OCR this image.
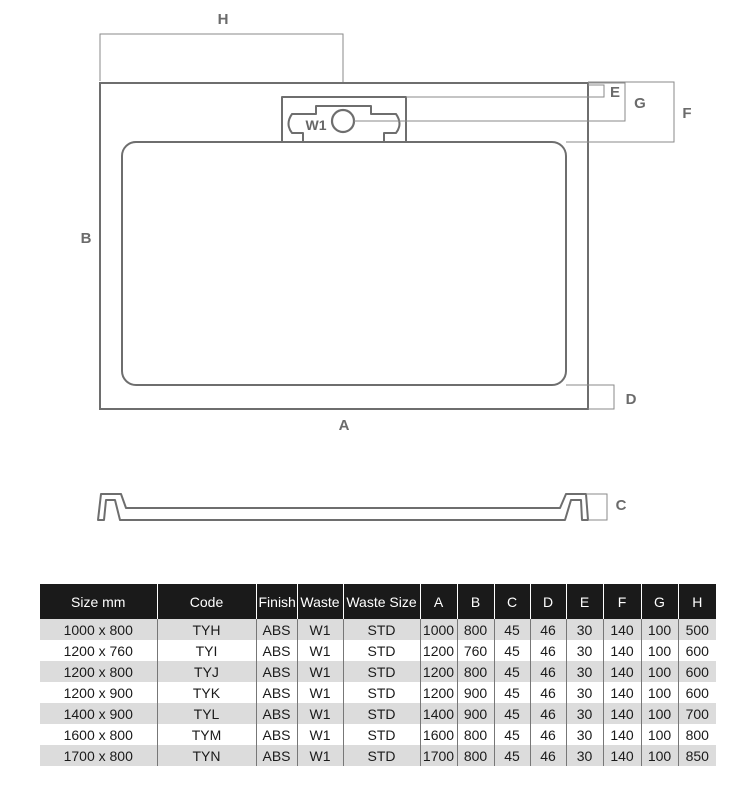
H
W1
E
G
F
B
D
A
C
Size mm	Code	Finish	Waste	Waste Size	A	B	C	D	E	F	G	H
1000 x 800	TYH	ABS	W1	STD	1000	800	45	46	30	140	100	500
1200 x 760	TYI	ABS	W1	STD	1200	760	45	46	30	140	100	600
1200 x 800	TYJ	ABS	W1	STD	1200	800	45	46	30	140	100	600
1200 x 900	TYK	ABS	W1	STD	1200	900	45	46	30	140	100	600
1400 x 900	TYL	ABS	W1	STD	1400	900	45	46	30	140	100	700
1600 x 800	TYM	ABS	W1	STD	1600	800	45	46	30	140	100	800
1700 x 800	TYN	ABS	W1	STD	1700	800	45	46	30	140	100	850
